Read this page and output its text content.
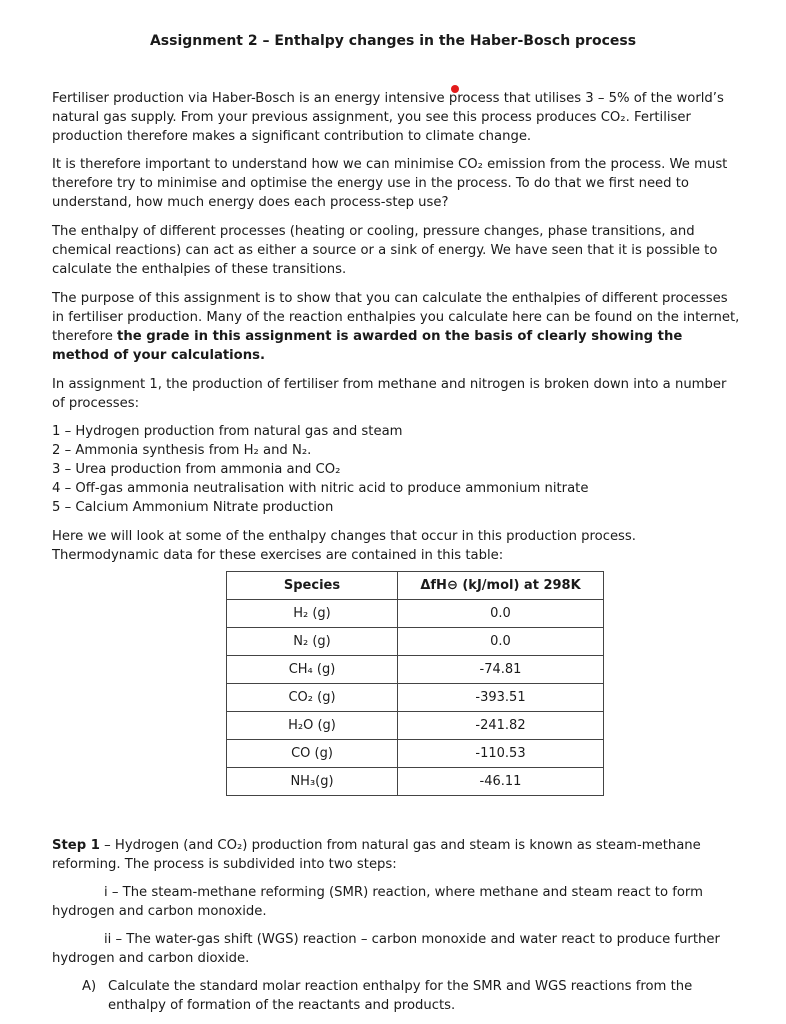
Assignment 2 – Enthalpy changes in the Haber-Bosch process

Fertiliser production via Haber-Bosch is an energy intensive process that utilises 3 – 5% of the world’s natural gas supply. From your previous assignment, you see this process produces CO₂. Fertiliser production therefore makes a significant contribution to climate change.

It is therefore important to understand how we can minimise CO₂ emission from the process. We must therefore try to minimise and optimise the energy use in the process. To do that we first need to understand, how much energy does each process-step use?

The enthalpy of different processes (heating or cooling, pressure changes, phase transitions, and chemical reactions) can act as either a source or a sink of energy. We have seen that it is possible to calculate the enthalpies of these transitions.

The purpose of this assignment is to show that you can calculate the enthalpies of different processes in fertiliser production. Many of the reaction enthalpies you calculate here can be found on the internet, therefore the grade in this assignment is awarded on the basis of clearly showing the method of your calculations.

In assignment 1, the production of fertiliser from methane and nitrogen is broken down into a number of processes:

1 – Hydrogen production from natural gas and steam
2 – Ammonia synthesis from H₂ and N₂.
3 – Urea production from ammonia and CO₂
4 – Off-gas ammonia neutralisation with nitric acid to produce ammonium nitrate
5 – Calcium Ammonium Nitrate production

Here we will look at some of the enthalpy changes that occur in this production process. Thermodynamic data for these exercises are contained in this table:

Species	ΔfH⊖ (kJ/mol) at 298K
H₂ (g)	0.0
N₂ (g)	0.0
CH₄ (g)	-74.81
CO₂ (g)	-393.51
H₂O (g)	-241.82
CO (g)	-110.53
NH₃(g)	-46.11

Step 1 – Hydrogen (and CO₂) production from natural gas and steam is known as steam-methane reforming. The process is subdivided into two steps:

i – The steam-methane reforming (SMR) reaction, where methane and steam react to form hydrogen and carbon monoxide.

ii – The water-gas shift (WGS) reaction – carbon monoxide and water react to produce further hydrogen and carbon dioxide.

A) Calculate the standard molar reaction enthalpy for the SMR and WGS reactions from the enthalpy of formation of the reactants and products.
